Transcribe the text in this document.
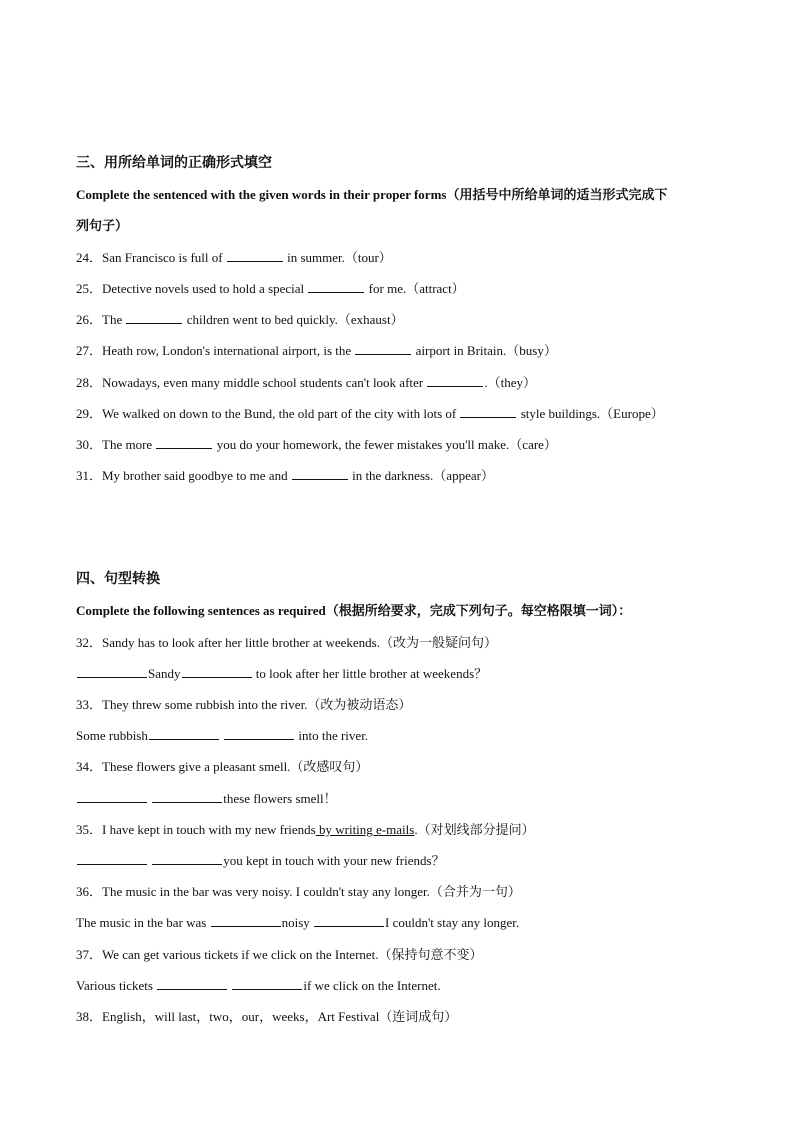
三、用所给单词的正确形式填空
Complete the sentenced with the given words in their proper forms（用括号中所给单词的适当形式完成下
列句子）
24．San Francisco is full of	in summer.（tour）
25．Detective novels used to hold a special	for me.（attract）
26．The	children went to bed quickly.（exhaust）
27．Heath row, London's international airport, is the	airport in Britain.（busy）
28．Nowadays, even many middle school students can't look after	.（they）
29．We walked on down to the Bund, the old part of the city with lots of	style buildings.（Europe）
30．The more	you do your homework, the fewer mistakes you'll make.（care）
31．My brother said goodbye to me and	in the darkness.（appear）
四、句型转换
Complete the following sentences as required（根据所给要求，完成下列句子。每空格限填一词）：
32．Sandy has to look after her little brother at weekends.（改为一般疑问句）
Sandy	to look after her little brother at weekends？
33．They threw some rubbish into the river.（改为被动语态）
Some rubbish	into the river.
34．These flowers give a pleasant smell.（改感叹句）
these flowers smell！
35．I have kept in touch with my new friends by writing e-mails.（对划线部分提问）
you kept in touch with your new friends？
36．The music in the bar was very noisy. I couldn't stay any longer.（合并为一句）
The music in the bar was	noisy	I couldn't stay any longer.
37．We can get various tickets if we click on the Internet.（保持句意不变）
Various tickets	if we click on the Internet.
38．English，will last，two，our，weeks，Art Festival（连词成句）
